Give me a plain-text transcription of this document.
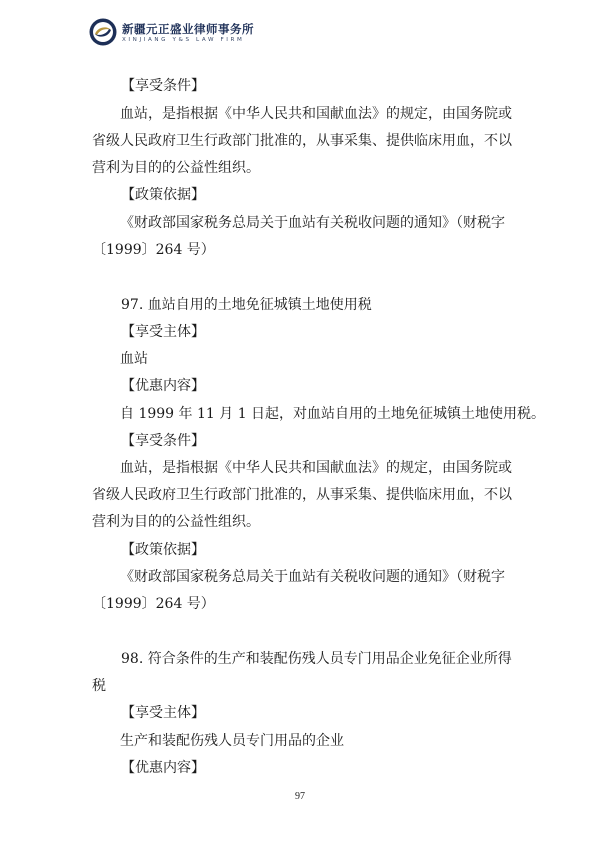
新疆元正盛业律师事务所
XINJIANG Y&S LAW FIRM
【享受条件】
血站，是指根据《中华人民共和国献血法》的规定，由国务院或
省级人民政府卫生行政部门批准的，从事采集、提供临床用血，不以
营利为目的的公益性组织。
【政策依据】
《财政部国家税务总局关于血站有关税收问题的通知》（财税字
〔1999〕264 号）
97. 血站自用的土地免征城镇土地使用税
【享受主体】
血站
【优惠内容】
自 1999 年 11 月 1 日起，对血站自用的土地免征城镇土地使用税。
【享受条件】
血站，是指根据《中华人民共和国献血法》的规定，由国务院或
省级人民政府卫生行政部门批准的，从事采集、提供临床用血，不以
营利为目的的公益性组织。
【政策依据】
《财政部国家税务总局关于血站有关税收问题的通知》（财税字
〔1999〕264 号）
98. 符合条件的生产和装配伤残人员专门用品企业免征企业所得
税
【享受主体】
生产和装配伤残人员专门用品的企业
【优惠内容】
97
